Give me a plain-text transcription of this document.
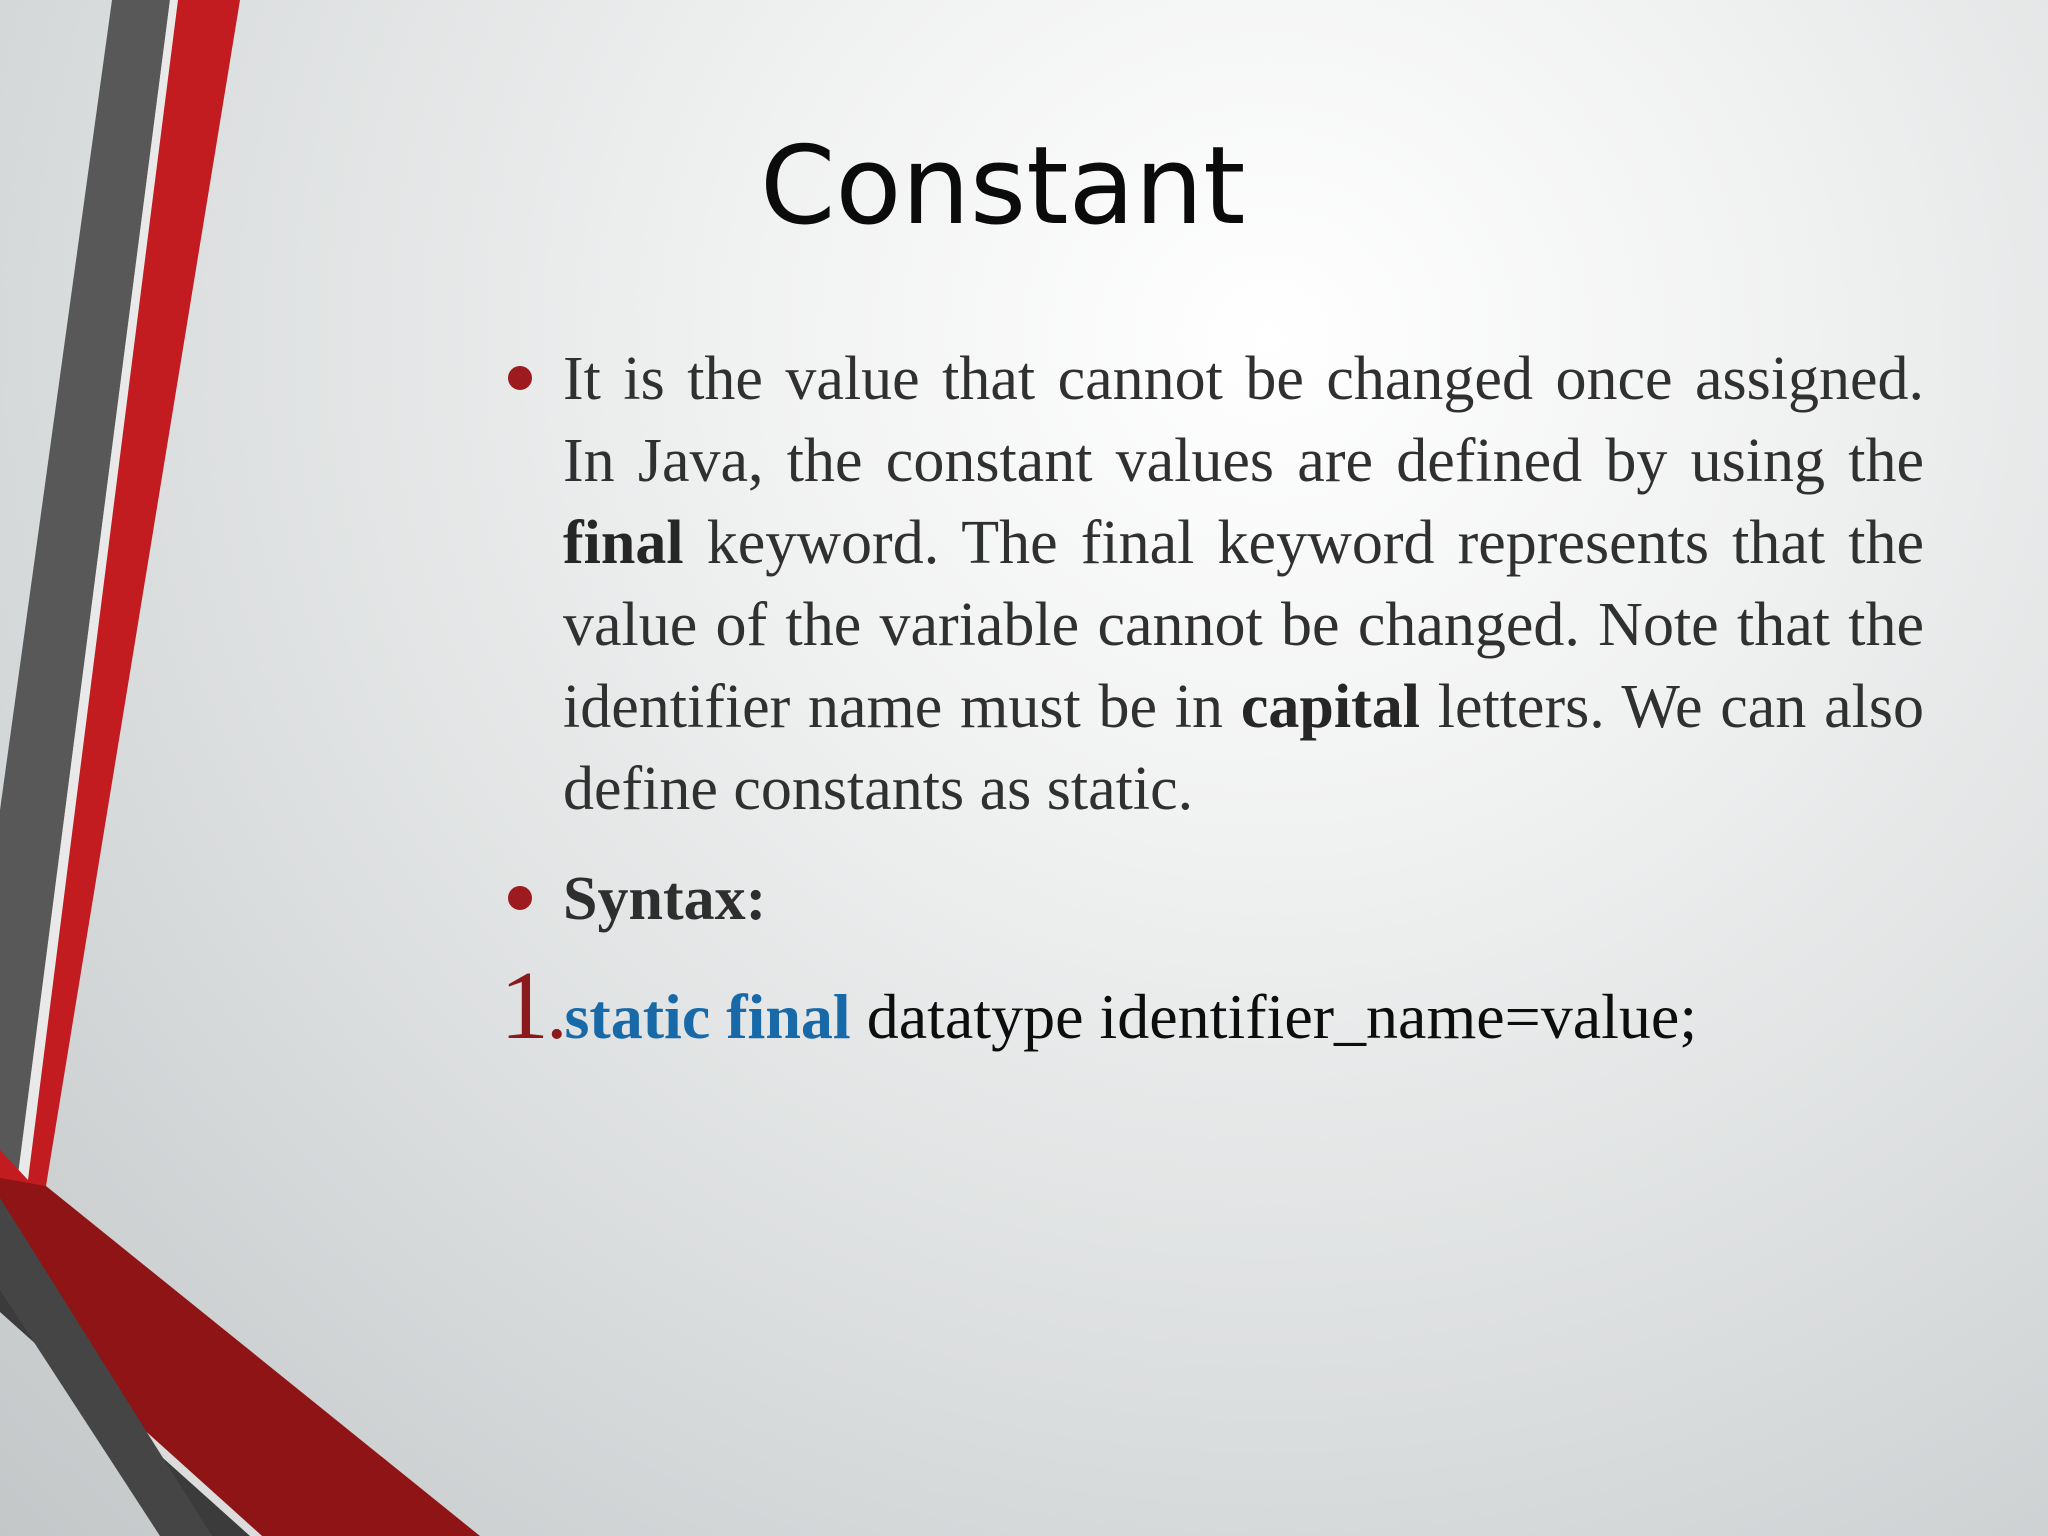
Constant

It is the value that cannot be changed once assigned. In Java, the constant values are defined by using the final keyword. The final keyword represents that the value of the variable cannot be changed. Note that the identifier name must be in capital letters. We can also define constants as static.

Syntax:

1.static final datatype identifier_name=value;
